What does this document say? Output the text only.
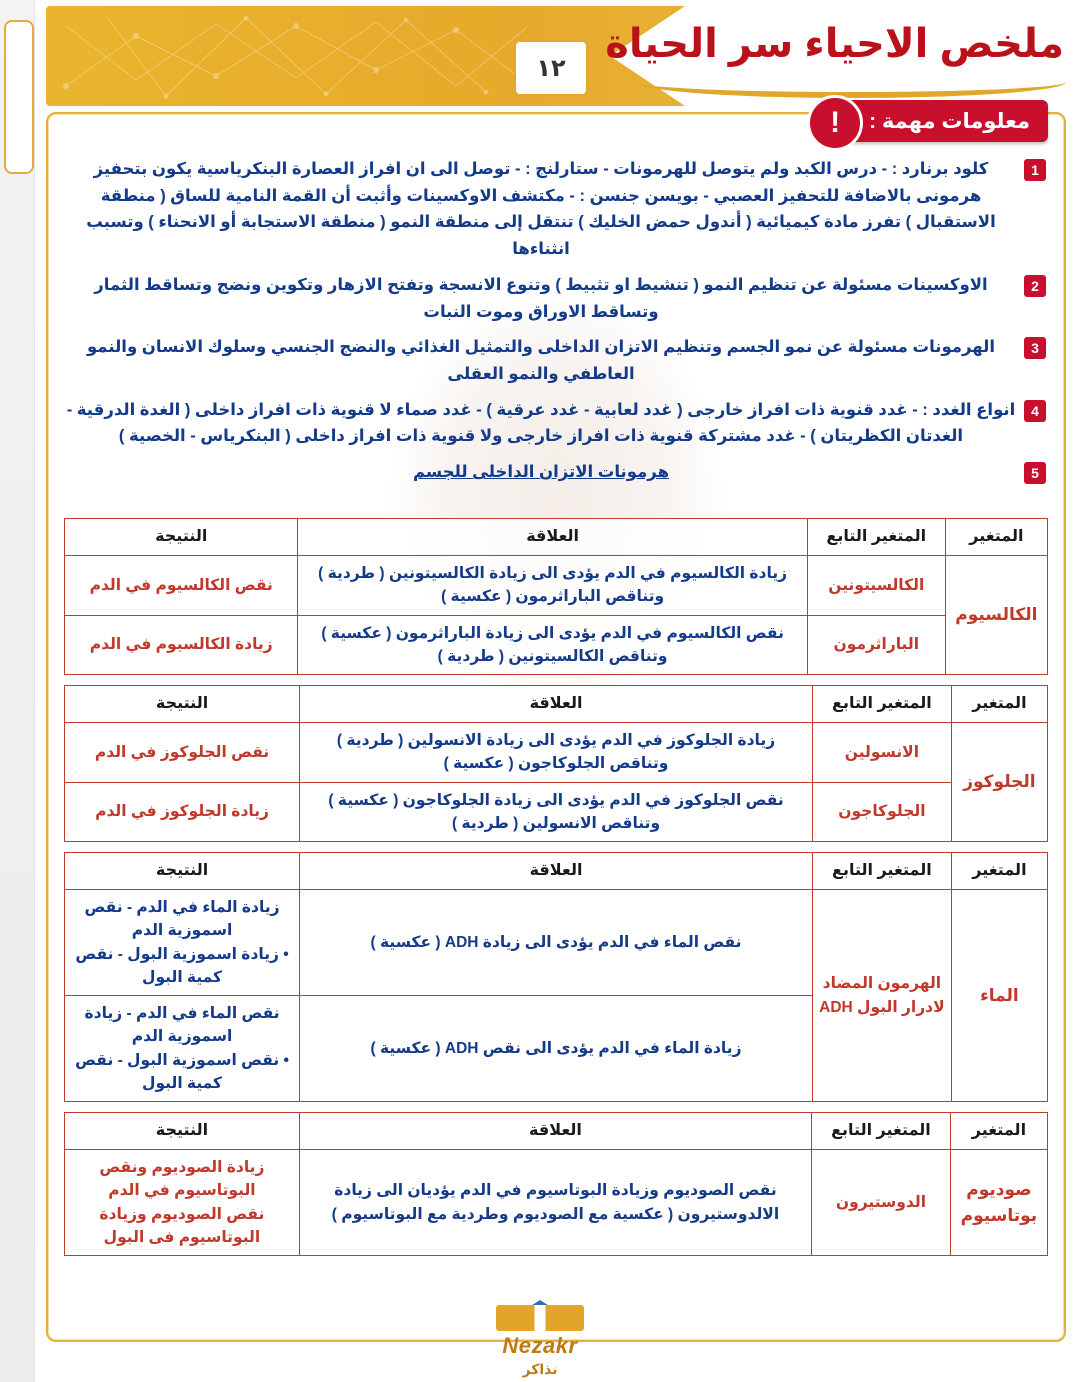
ملخص الاحياء سر الحياة
١٢
!	معلومات مهمة :
1
كلود برنارد : - درس الكبد ولم يتوصل للهرمونات - ستارلنج : - توصل الى ان افراز العصارة البنكرياسية يكون بتحفيز هرمونى بالاضافة للتحفيز العصبي - بويسن جنسن : - مكتشف الاوكسينات وأثبت أن القمة النامية للساق ( منطقة الاستقبال ) تفرز مادة كيميائية ( أندول حمض الخليك ) تنتقل إلى منطقة النمو ( منطقة الاستجابة أو الانحناء ) وتسبب انثناءها
2
الاوكسينات مسئولة عن تنظيم النمو ( تنشيط او تثبيط ) وتنوع الانسجة وتفتح الازهار وتكوين ونضج وتساقط الثمار وتساقط الاوراق وموت النبات
3
الهرمونات مسئولة عن نمو الجسم وتنظيم الاتزان الداخلى والتمثيل الغذائي والنضج الجنسي وسلوك الانسان والنمو العاطفي والنمو العقلى
4
انواع الغدد : - غدد قنوية ذات افراز خارجى ( غدد لعابية - غدد عرقية ) - غدد صماء لا قنوية ذات افراز داخلى ( الغدة الدرقية - الغدتان الكظريتان ) - غدد مشتركة قنوية ذات افراز خارجى ولا قنوية ذات افراز داخلى ( البنكرياس - الخصية )
5
هرمونات الاتزان الداخلى للجسم
المتغير	المتغير التابع	العلاقة	النتيجة
الكالسيوم	الكالسيتونين	زيادة الكالسيوم في الدم يؤدى الى زيادة الكالسيتونين ( طردية ) وتناقص الباراثرمون ( عكسية )	نقص الكالسيوم في الدم
	الباراثرمون	نقص الكالسيوم في الدم يؤدى الى زيادة الباراثرمون ( عكسية ) وتناقص الكالسيتونين ( طردية )	زيادة الكالسيوم في الدم
المتغير	المتغير التابع	العلاقة	النتيجة
الجلوكوز	الانسولين	زيادة الجلوكوز في الدم يؤدى الى زيادة الانسولين ( طردية ) وتناقص الجلوكاجون ( عكسية )	نقص الجلوكوز في الدم
	الجلوكاجون	نقص الجلوكوز في الدم يؤدى الى زيادة الجلوكاجون ( عكسية ) وتناقص الانسولين ( طردية )	زيادة الجلوكوز في الدم
المتغير	المتغير التابع	العلاقة	النتيجة
الماء	الهرمون المضاد لادرار البول ADH	نقص الماء في الدم يؤدى الى زيادة ADH ( عكسية )	زيادة الماء في الدم - نقص اسموزية الدم
• زيادة اسموزية البول - نقص كمية البول

		زيادة الماء في الدم يؤدى الى نقص ADH ( عكسية )	نقص الماء في الدم - زيادة اسموزية الدم
• نقص اسموزية البول - نقص كمية البول
المتغير	المتغير التابع	العلاقة	النتيجة
صوديوم بوتاسيوم	الدوستيرون	نقص الصوديوم وزيادة البوتاسيوم في الدم يؤديان الى زيادة الالدوستيرون ( عكسية مع الصوديوم وطردية مع البوتاسيوم )	زيادة الصوديوم ونقص البوتاسيوم في الدم
نقص الصوديوم وزيادة البوتاسيوم فى البول
Nezakr
نذاكر
